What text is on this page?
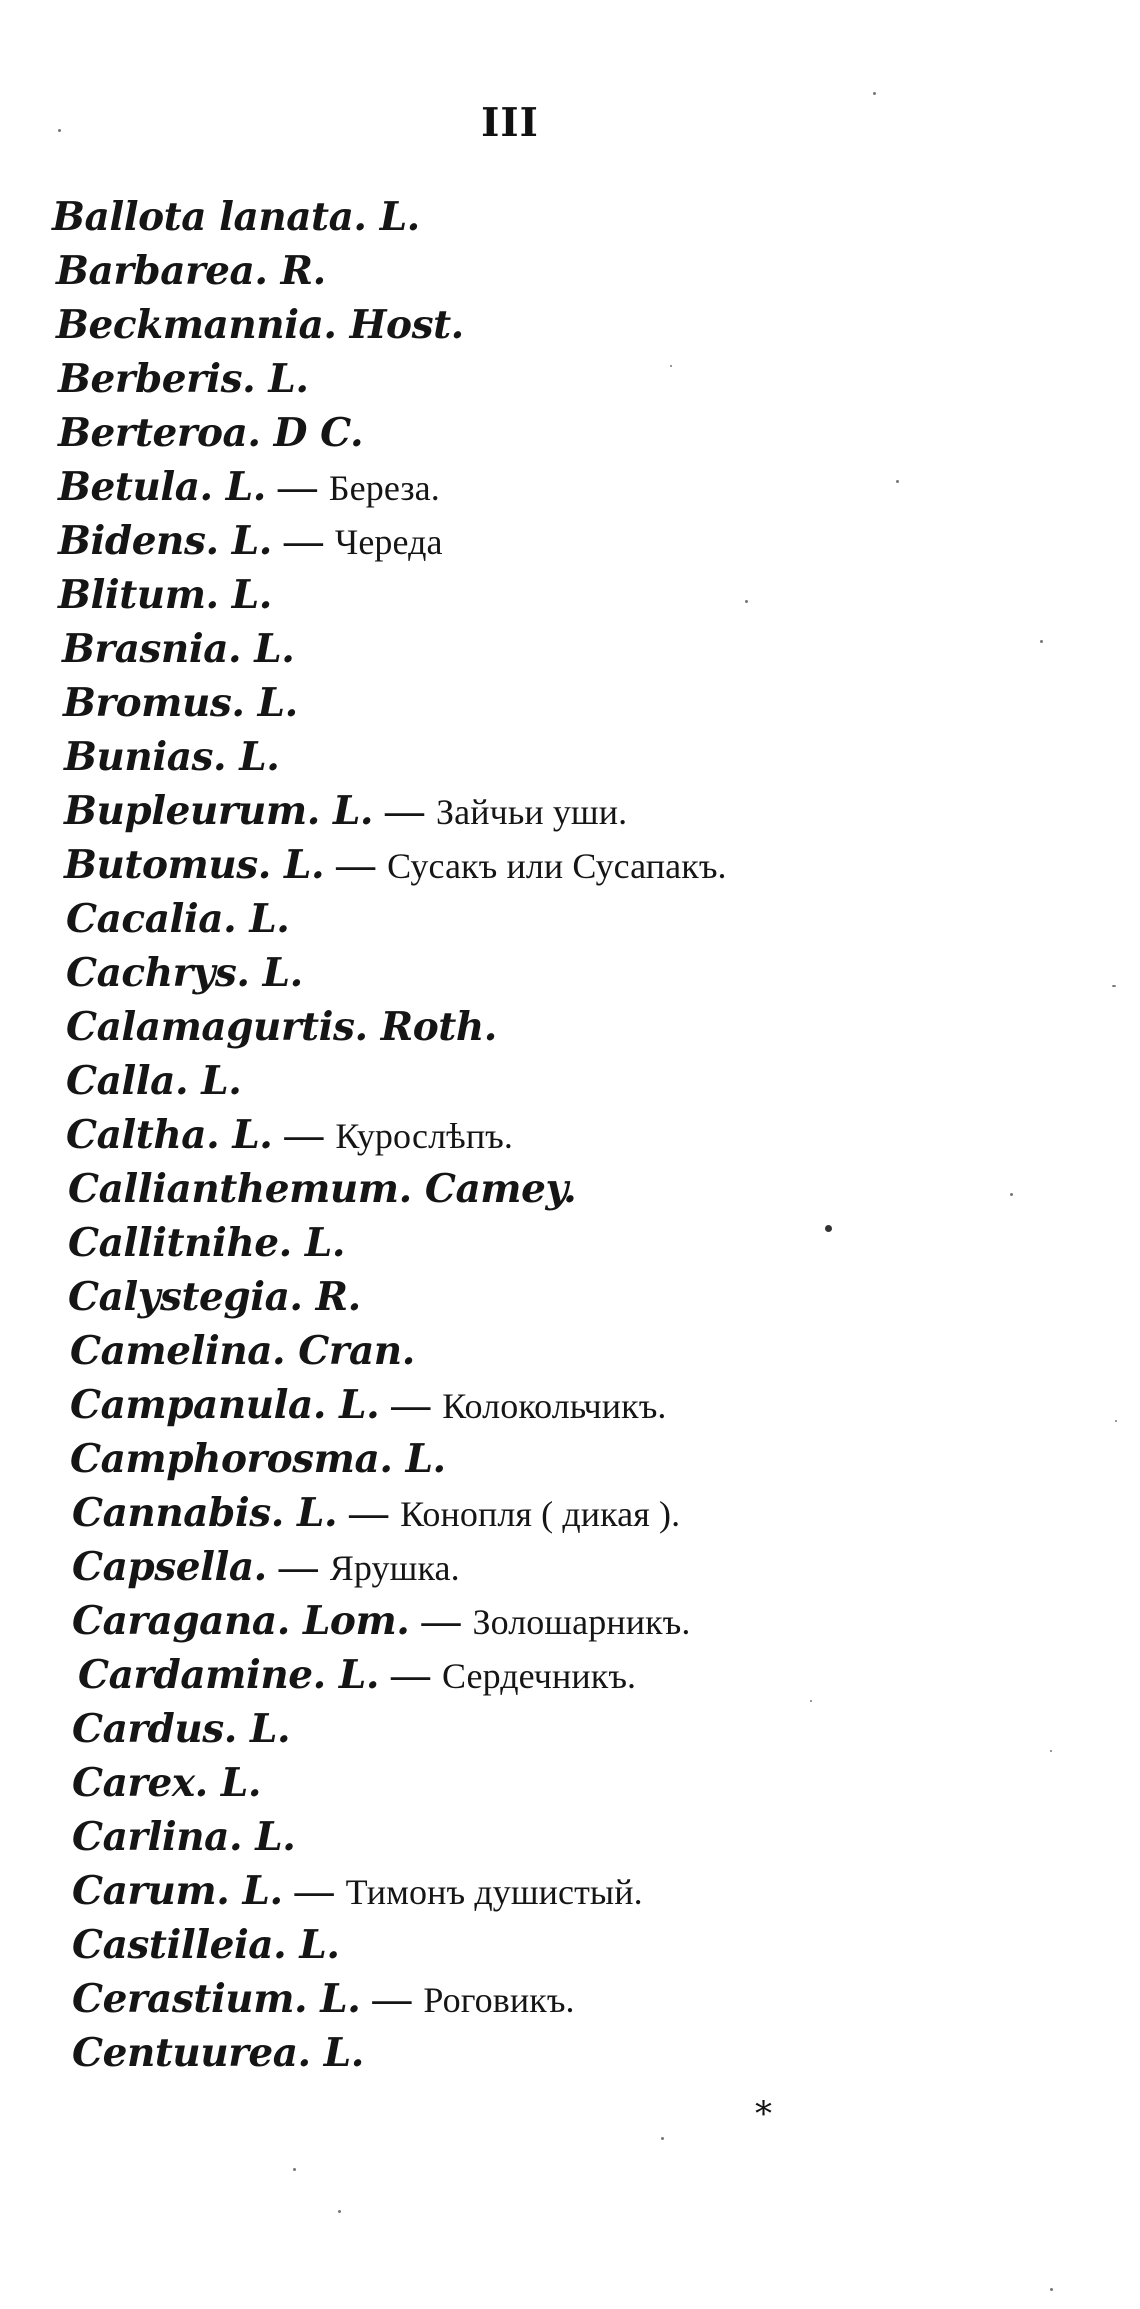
III
Ballota lanata. L.
Barbarea. R.
Beckmannia. Host.
Berberis. L.
Berteroa. D C.
Betula. L. — Береза.
Bidens. L. — Череда
Blitum. L.
Brasnia. L.
Bromus. L.
Bunias. L.
Bupleurum. L. — Зайчьи уши.
Butomus. L. — Сусакъ или Сусапакъ.
Cacalia. L.
Cachrys. L.
Calamagurtis. Roth.
Calla. L.
Caltha. L. — Курослѣпъ.
Callianthemum. Camey.
Callitnihe. L.
Calystegia. R.
Camelina. Cran.
Campanula. L. — Колокольчикъ.
Camphorosma. L.
Cannabis. L. — Конопля ( дикая ).
Capsella. — Ярушка.
Caragana. Lom. — Золошарникъ.
Cardamine. L. — Сердечникъ.
Cardus. L.
Carex. L.
Carlina. L.
Carum. L. — Тимонъ душистый.
Castilleia. L.
Cerastium. L. — Роговикъ.
Centuurea. L.
*
